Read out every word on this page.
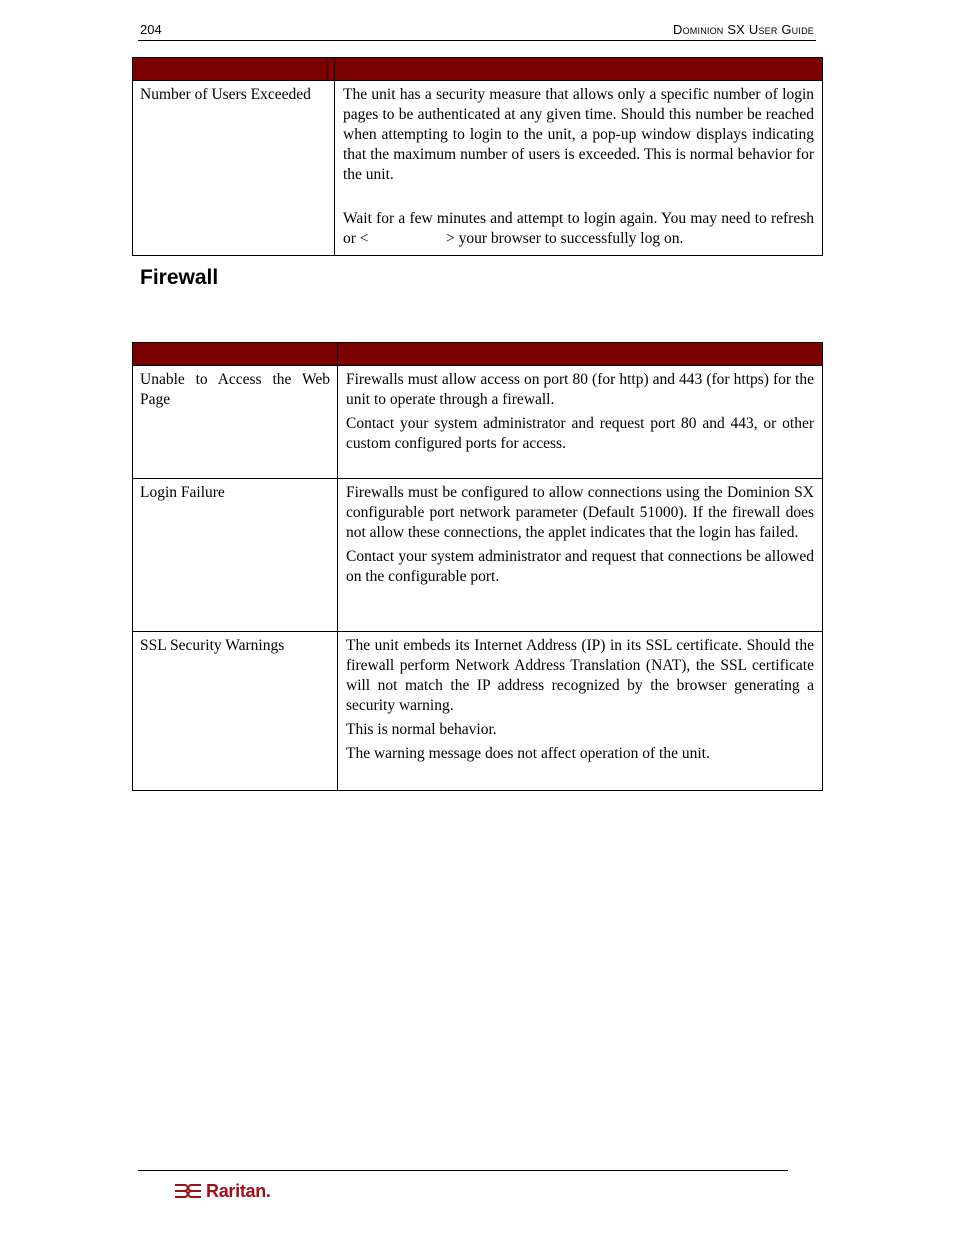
204	Dominion SX User Guide

Number of Users Exceeded	The unit has a security measure that allows only a specific number of login pages to be authenticated at any given time. Should this number be reached when attempting to login to the unit, a pop-up window displays indicating that the maximum number of users is exceeded. This is normal behavior for the unit.

Wait for a few minutes and attempt to login again. You may need to refresh or <                    > your browser to successfully log on.

Firewall

Unable to Access the Web Page	Firewalls must allow access on port 80 (for http) and 443 (for https) for the unit to operate through a firewall.

Contact your system administrator and request port 80 and 443, or other custom configured ports for access.

Login Failure	Firewalls must be configured to allow connections using the Dominion SX configurable port network parameter (Default 51000). If the firewall does not allow these connections, the applet indicates that the login has failed.

Contact your system administrator and request that connections be allowed on the configurable port.

SSL Security Warnings	The unit embeds its Internet Address (IP) in its SSL certificate. Should the firewall perform Network Address Translation (NAT), the SSL certificate will not match the IP address recognized by the browser generating a security warning.

This is normal behavior.

The warning message does not affect operation of the unit.

Raritan.
